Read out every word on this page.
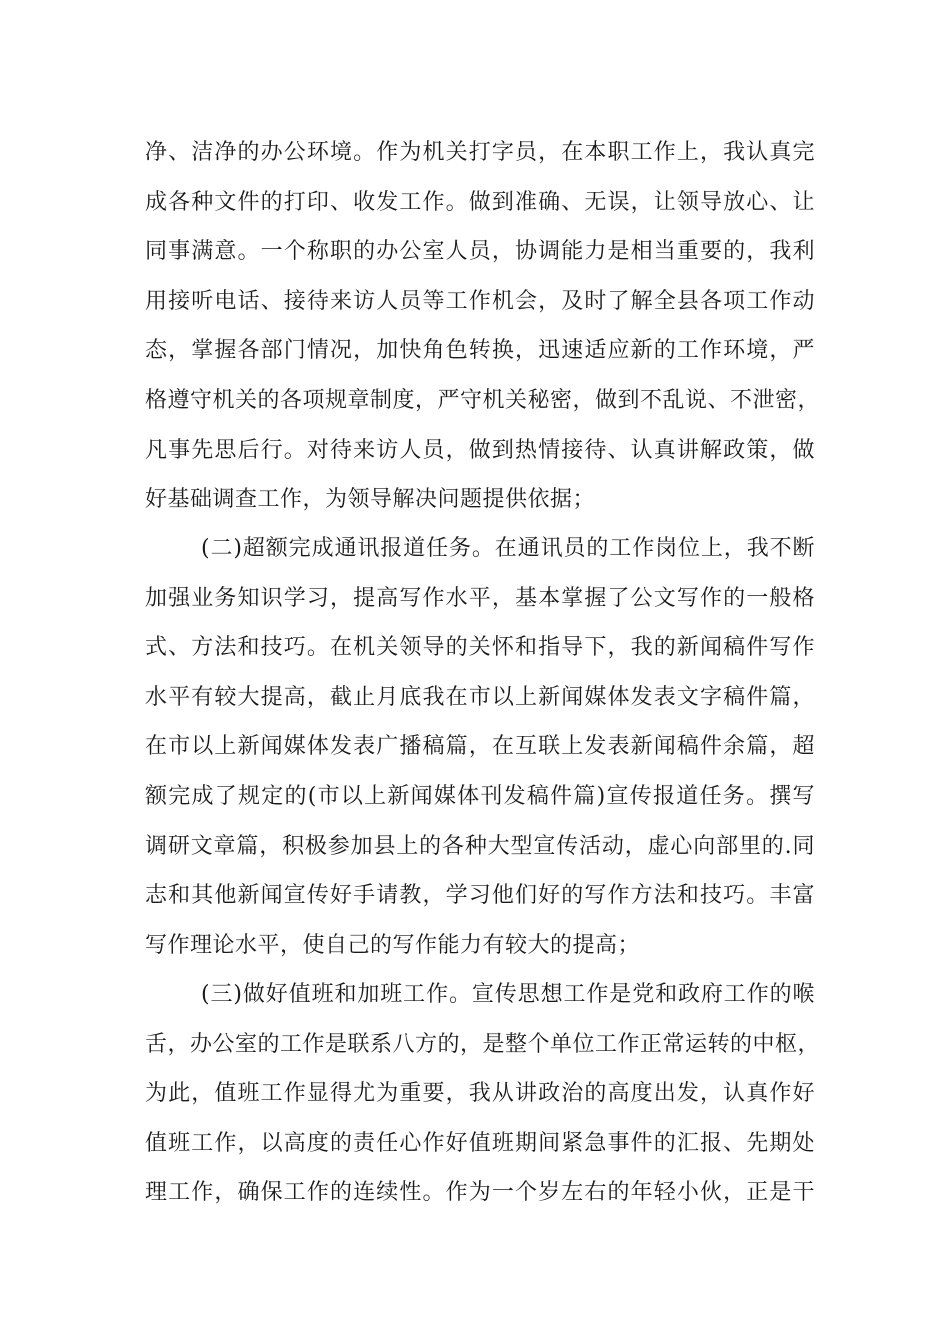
净、洁净的办公环境。作为机关打字员，在本职工作上，我认真完
成各种文件的打印、收发工作。做到准确、无误，让领导放心、让
同事满意。一个称职的办公室人员，协调能力是相当重要的，我利
用接听电话、接待来访人员等工作机会，及时了解全县各项工作动
态，掌握各部门情况，加快角色转换，迅速适应新的工作环境，严
格遵守机关的各项规章制度，严守机关秘密，做到不乱说、不泄密，
凡事先思后行。对待来访人员，做到热情接待、认真讲解政策，做
好基础调查工作，为领导解决问题提供依据；
(二)超额完成通讯报道任务。在通讯员的工作岗位上，我不断
加强业务知识学习，提高写作水平，基本掌握了公文写作的一般格
式、方法和技巧。在机关领导的关怀和指导下，我的新闻稿件写作
水平有较大提高，截止月底我在市以上新闻媒体发表文字稿件篇，
在市以上新闻媒体发表广播稿篇，在互联上发表新闻稿件余篇，超
额完成了规定的(市以上新闻媒体刊发稿件篇)宣传报道任务。撰写
调研文章篇，积极参加县上的各种大型宣传活动，虚心向部里的.同
志和其他新闻宣传好手请教，学习他们好的写作方法和技巧。丰富
写作理论水平，使自己的写作能力有较大的提高；
(三)做好值班和加班工作。宣传思想工作是党和政府工作的喉
舌，办公室的工作是联系八方的，是整个单位工作正常运转的中枢，
为此，值班工作显得尤为重要，我从讲政治的高度出发，认真作好
值班工作，以高度的责任心作好值班期间紧急事件的汇报、先期处
理工作，确保工作的连续性。作为一个岁左右的年轻小伙，正是干
